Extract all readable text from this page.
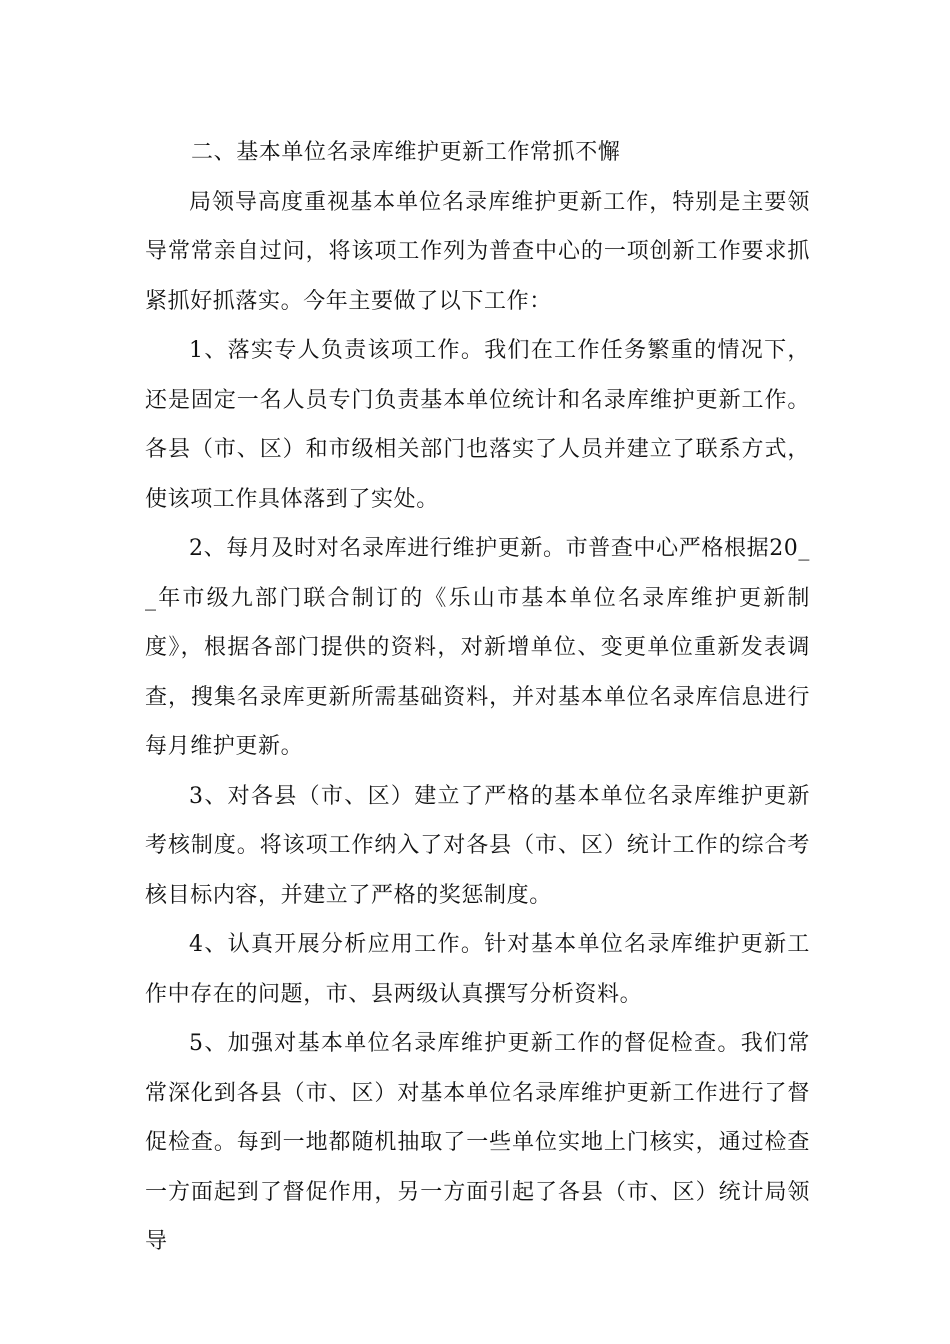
二、基本单位名录库维护更新工作常抓不懈

局领导高度重视基本单位名录库维护更新工作，特别是主要领导常常亲自过问，将该项工作列为普查中心的一项创新工作要求抓紧抓好抓落实。今年主要做了以下工作：

1、落实专人负责该项工作。我们在工作任务繁重的情况下，还是固定一名人员专门负责基本单位统计和名录库维护更新工作。各县（市、区）和市级相关部门也落实了人员并建立了联系方式，使该项工作具体落到了实处。

2、每月及时对名录库进行维护更新。市普查中心严格根据20__年市级九部门联合制订的《乐山市基本单位名录库维护更新制度》，根据各部门提供的资料，对新增单位、变更单位重新发表调查，搜集名录库更新所需基础资料，并对基本单位名录库信息进行每月维护更新。

3、对各县（市、区）建立了严格的基本单位名录库维护更新考核制度。将该项工作纳入了对各县（市、区）统计工作的综合考核目标内容，并建立了严格的奖惩制度。

4、认真开展分析应用工作。针对基本单位名录库维护更新工作中存在的问题，市、县两级认真撰写分析资料。

5、加强对基本单位名录库维护更新工作的督促检查。我们常常深化到各县（市、区）对基本单位名录库维护更新工作进行了督促检查。每到一地都随机抽取了一些单位实地上门核实，通过检查一方面起到了督促作用，另一方面引起了各县（市、区）统计局领导
